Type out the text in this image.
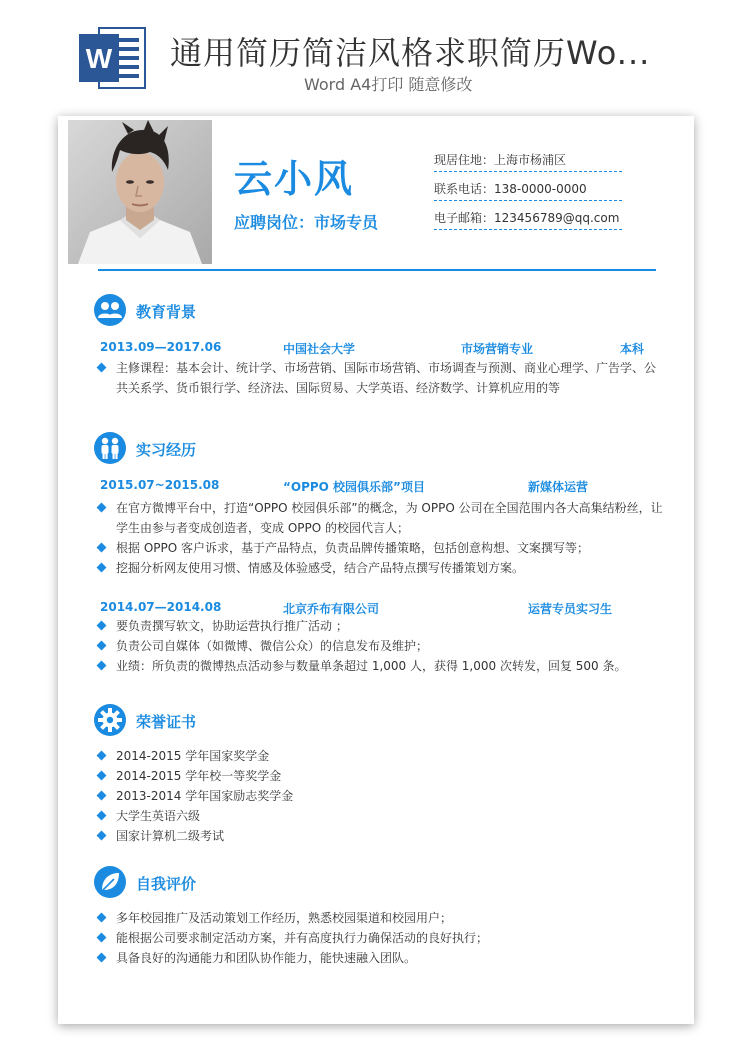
W 通用简历简洁风格求职简历Wo...
Word A4打印 随意修改
云小风
应聘岗位：市场专员
现居住地：上海市杨浦区
联系电话：138-0000-0000
电子邮箱：123456789@qq.com
教育背景
2013.09—2017.06	中国社会大学	市场营销专业	本科
主修课程：基本会计、统计学、市场营销、国际市场营销、市场调查与预测、商业心理学、广告学、公共关系学、货币银行学、经济法、国际贸易、大学英语、经济数学、计算机应用的等
实习经历
2015.07~2015.08	“OPPO 校园俱乐部”项目	新媒体运营
在官方微博平台中，打造“OPPO 校园俱乐部”的概念，为 OPPO 公司在全国范围内各大高集结粉丝，让学生由参与者变成创造者，变成 OPPO 的校园代言人；
根据 OPPO 客户诉求，基于产品特点，负责品牌传播策略，包括创意构想、文案撰写等；
挖掘分析网友使用习惯、情感及体验感受，结合产品特点撰写传播策划方案。
2014.07—2014.08	北京乔布有限公司	运营专员实习生
要负责撰写软文，协助运营执行推广活动 ；
负责公司自媒体（如微博、微信公众）的信息发布及维护；
业绩：所负责的微博热点活动参与数量单条超过 1,000 人，获得 1,000 次转发，回复 500 条。
荣誉证书
2014-2015 学年国家奖学金
2014-2015 学年校一等奖学金
2013-2014 学年国家励志奖学金
大学生英语六级
国家计算机二级考试
自我评价
多年校园推广及活动策划工作经历，熟悉校园渠道和校园用户；
能根据公司要求制定活动方案，并有高度执行力确保活动的良好执行；
具备良好的沟通能力和团队协作能力，能快速融入团队。
